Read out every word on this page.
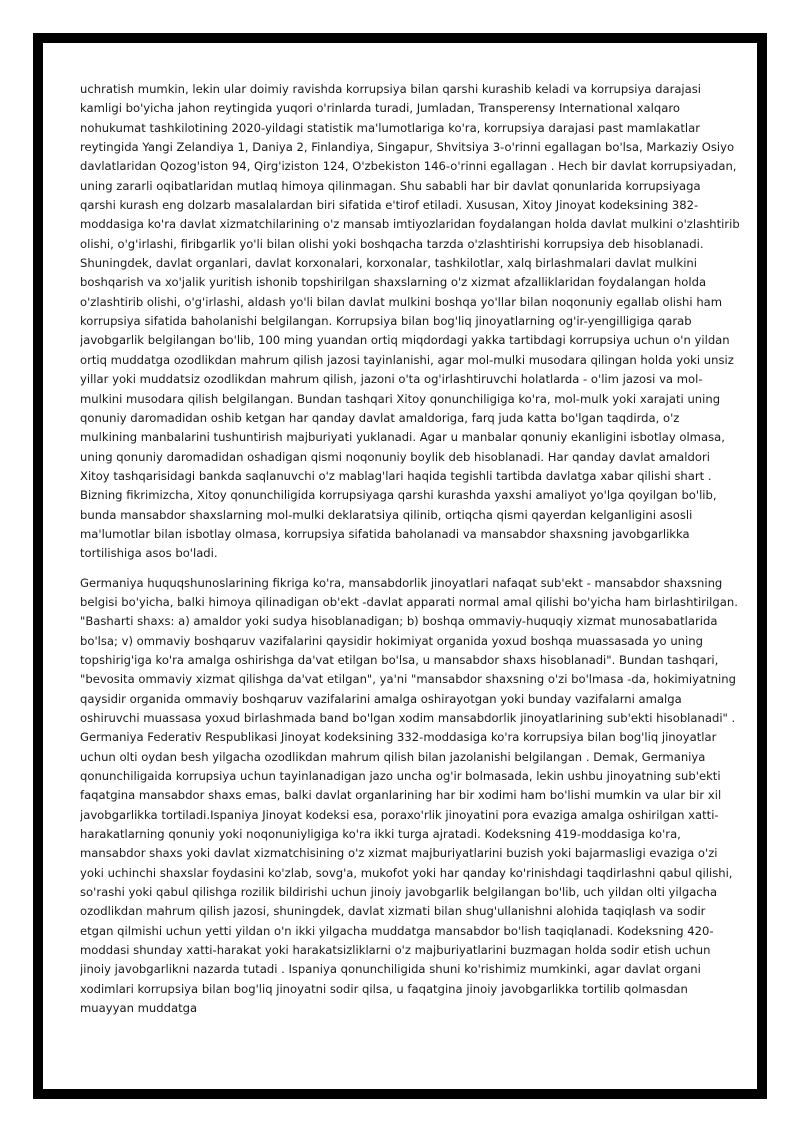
uchratish mumkin, lekin ular doimiy ravishda korrupsiya bilan qarshi kurashib keladi va korrupsiya darajasi kamligi bo'yicha jahon reytingida yuqori o'rinlarda turadi, Jumladan, Transperensy International xalqaro nohukumat tashkilotining 2020-yildagi statistik ma'lumotlariga ko'ra, korrupsiya darajasi past mamlakatlar reytingida Yangi Zelandiya 1, Daniya 2, Finlandiya, Singapur, Shvitsiya 3-o'rinni egallagan bo'lsa, Markaziy Osiyo davlatlaridan Qozog'iston 94, Qirg'iziston 124, O'zbekiston 146-o'rinni egallagan . Hech bir davlat korrupsiyadan, uning zararli oqibatlaridan mutlaq himoya qilinmagan. Shu sababli har bir davlat qonunlarida korrupsiyaga qarshi kurash eng dolzarb masalalardan biri sifatida e'tirof etiladi. Xususan, Xitoy Jinoyat kodeksining 382-moddasiga ko'ra davlat xizmatchilarining o'z mansab imtiyozlaridan foydalangan holda davlat mulkini o'zlashtirib olishi, o'g'irlashi, firibgarlik yo'li bilan olishi yoki boshqacha tarzda o'zlashtirishi korrupsiya deb hisoblanadi. Shuningdek, davlat organlari, davlat korxonalari, korxonalar, tashkilotlar, xalq birlashmalari davlat mulkini boshqarish va xo'jalik yuritish ishonib topshirilgan shaxslarning o'z xizmat afzalliklaridan foydalangan holda o'zlashtirib olishi, o'g'irlashi, aldash yo'li bilan davlat mulkini boshqa yo'llar bilan noqonuniy egallab olishi ham korrupsiya sifatida baholanishi belgilangan. Korrupsiya bilan bog'liq jinoyatlarning og'ir-yengilligiga qarab javobgarlik belgilangan bo'lib, 100 ming yuandan ortiq miqdordagi yakka tartibdagi korrupsiya uchun o'n yildan ortiq muddatga ozodlikdan mahrum qilish jazosi tayinlanishi, agar mol-mulki musodara qilingan holda yoki unsiz yillar yoki muddatsiz ozodlikdan mahrum qilish, jazoni o'ta og'irlashtiruvchi holatlarda - o'lim jazosi va mol-mulkini musodara qilish belgilangan. Bundan tashqari Xitoy qonunchiligiga ko'ra, mol-mulk yoki xarajati uning qonuniy daromadidan oshib ketgan har qanday davlat amaldoriga, farq juda katta bo'lgan taqdirda, o'z mulkining manbalarini tushuntirish majburiyati yuklanadi. Agar u manbalar qonuniy ekanligini isbotlay olmasa, uning qonuniy daromadidan oshadigan qismi noqonuniy boylik deb hisoblanadi. Har qanday davlat amaldori Xitoy tashqarisidagi bankda saqlanuvchi o'z mablag'lari haqida tegishli tartibda davlatga xabar qilishi shart . Bizning fikrimizcha, Xitoy qonunchiligida korrupsiyaga qarshi kurashda yaxshi amaliyot yo'lga qoyilgan bo'lib, bunda mansabdor shaxslarning mol-mulki deklaratsiya qilinib, ortiqcha qismi qayerdan kelganligini asosli ma'lumotlar bilan isbotlay olmasa, korrupsiya sifatida baholanadi va mansabdor shaxsning javobgarlikka tortilishiga asos bo'ladi.

Germaniya huquqshunoslarining fikriga ko'ra, mansabdorlik jinoyatlari nafaqat sub'ekt - mansabdor shaxsning belgisi bo'yicha, balki himoya qilinadigan ob'ekt -davlat apparati normal amal qilishi bo'yicha ham birlashtirilgan. "Basharti shaxs: a) amaldor yoki sudya hisoblanadigan; b) boshqa ommaviy-huquqiy xizmat munosabatlarida bo'lsa; v) ommaviy boshqaruv vazifalarini qaysidir hokimiyat organida yoxud boshqa muassasada yo uning topshirig'iga ko'ra amalga oshirishga da'vat etilgan bo'lsa, u mansabdor shaxs hisoblanadi". Bundan tashqari, "bevosita ommaviy xizmat qilishga da'vat etilgan", ya'ni "mansabdor shaxsning o'zi bo'lmasa -da, hokimiyatning qaysidir organida ommaviy boshqaruv vazifalarini amalga oshirayotgan yoki bunday vazifalarni amalga oshiruvchi muassasa yoxud birlashmada band bo'lgan xodim mansabdorlik jinoyatlarining sub'ekti hisoblanadi" . Germaniya Federativ Respublikasi Jinoyat kodeksining 332-moddasiga ko'ra korrupsiya bilan bog'liq jinoyatlar uchun olti oydan besh yilgacha ozodlikdan mahrum qilish bilan jazolanishi belgilangan . Demak, Germaniya qonunchiligaida korrupsiya uchun tayinlanadigan jazo uncha og'ir bolmasada, lekin ushbu jinoyatning sub'ekti faqatgina mansabdor shaxs emas, balki davlat organlarining har bir xodimi ham bo'lishi mumkin va ular bir xil javobgarlikka tortiladi.Ispaniya Jinoyat kodeksi esa, poraxo'rlik jinoyatini pora evaziga amalga oshirilgan xatti-harakatlarning qonuniy yoki noqonuniyligiga ko'ra ikki turga ajratadi. Kodeksning 419-moddasiga ko'ra, mansabdor shaxs yoki davlat xizmatchisining o'z xizmat majburiyatlarini buzish yoki bajarmasligi evaziga o'zi yoki uchinchi shaxslar foydasini ko'zlab, sovg'a, mukofot yoki har qanday ko'rinishdagi taqdirlashni qabul qilishi, so'rashi yoki qabul qilishga rozilik bildirishi uchun jinoiy javobgarlik belgilangan bo'lib, uch yildan olti yilgacha ozodlikdan mahrum qilish jazosi, shuningdek, davlat xizmati bilan shug'ullanishni alohida taqiqlash va sodir etgan qilmishi uchun yetti yildan o'n ikki yilgacha muddatga mansabdor bo'lish taqiqlanadi. Kodeksning 420-moddasi shunday xatti-harakat yoki harakatsizliklarni o'z majburiyatlarini buzmagan holda sodir etish uchun jinoiy javobgarlikni nazarda tutadi . Ispaniya qonunchiligida shuni ko'rishimiz mumkinki, agar davlat organi xodimlari korrupsiya bilan bog'liq jinoyatni sodir qilsa, u faqatgina jinoiy javobgarlikka tortilib qolmasdan muayyan muddatga
